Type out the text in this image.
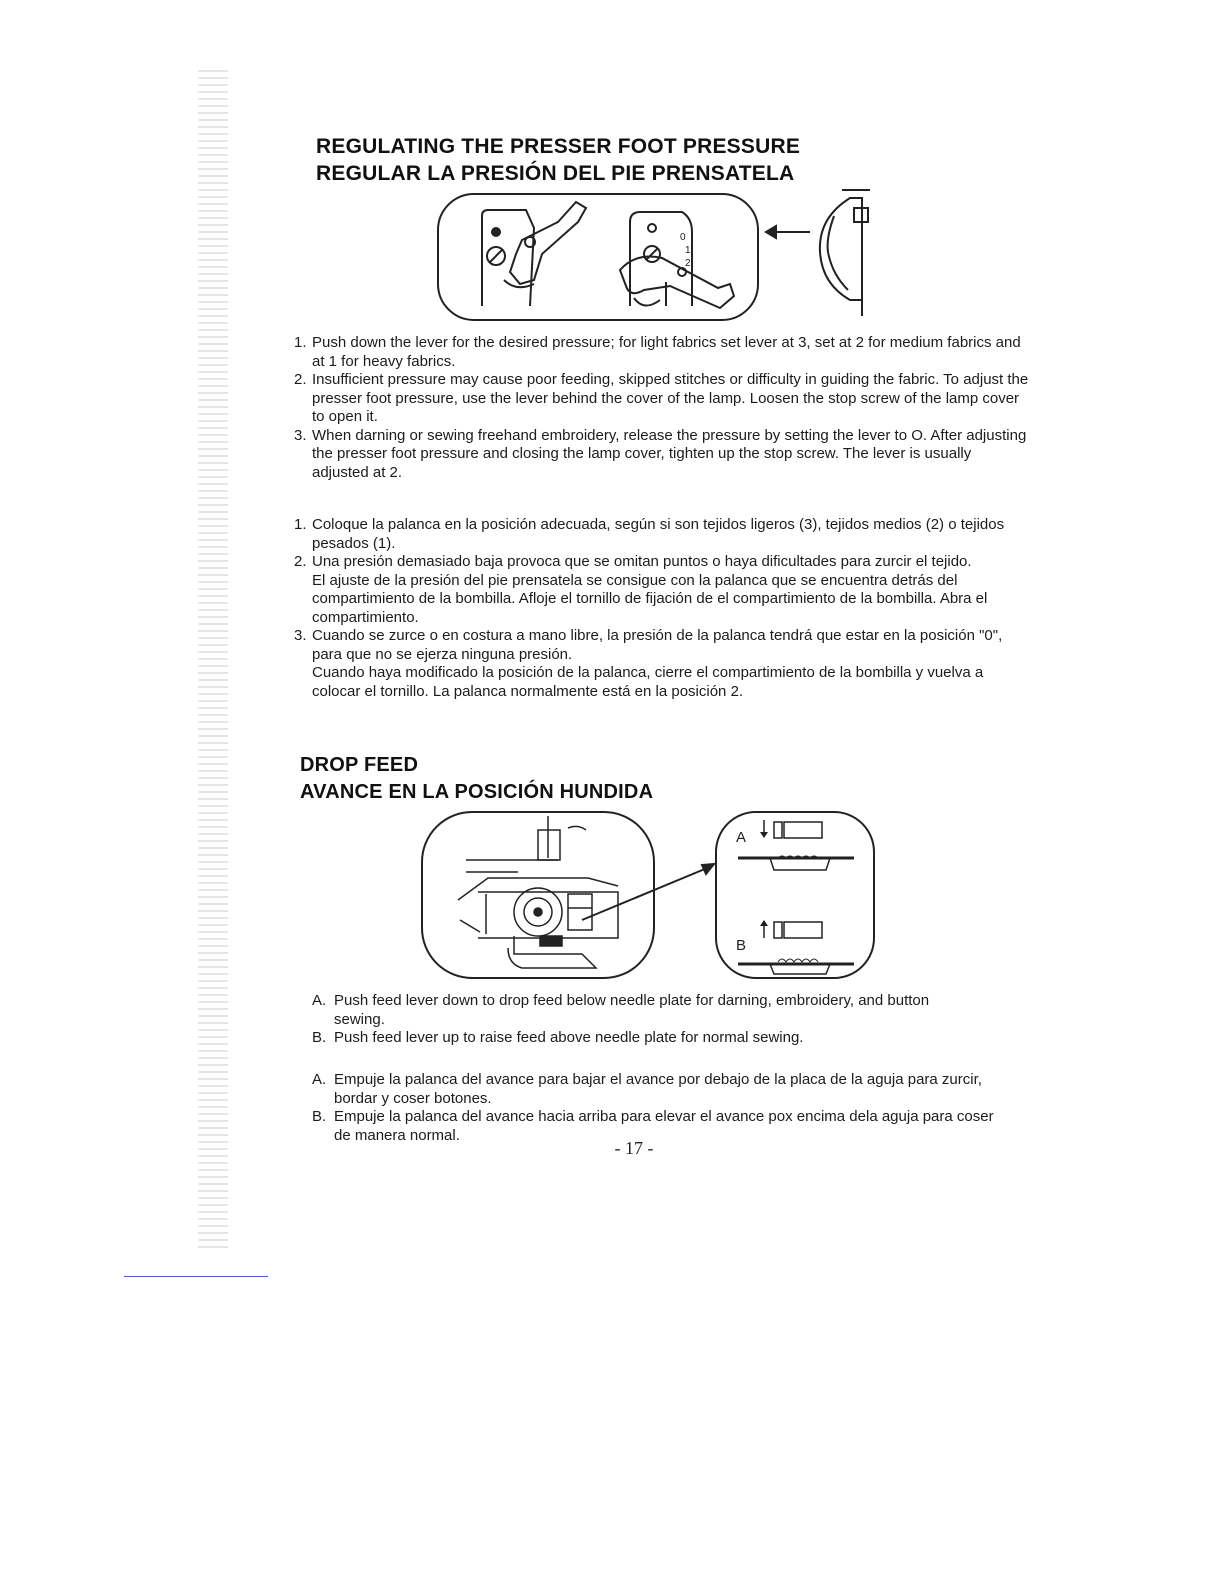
REGULATING THE PRESSER FOOT PRESSURE
REGULAR LA PRESIÓN DEL PIE PRENSATELA
0
1
2
1. Push down the lever for the desired pressure; for light fabrics set lever at 3, set at 2 for medium fabrics and at 1 for heavy fabrics.
2. Insufficient pressure may cause poor feeding, skipped stitches or difficulty in guiding the fabric. To adjust the presser foot pressure, use the lever behind the cover of the lamp. Loosen the stop screw of the lamp cover to open it.
3. When darning or sewing freehand embroidery, release the pressure by setting the lever to O. After adjusting the presser foot pressure and closing the lamp cover, tighten up the stop screw. The lever is usually adjusted at 2.
1. Coloque la palanca en la posición adecuada, según si son tejidos ligeros (3), tejidos medios (2) o tejidos pesados (1).
2. Una presión demasiado baja provoca que se omitan puntos o haya dificultades para zurcir el tejido.
El ajuste de la presión del pie prensatela se consigue con la palanca que se encuentra detrás del compartimiento de la bombilla. Afloje el tornillo de fijación de el compartimiento de la bombilla. Abra el compartimiento.
3. Cuando se zurce o en costura a mano libre, la presión de la palanca tendrá que estar en la posición "0", para que no se ejerza ninguna presión.
Cuando haya modificado la posición de la palanca, cierre el compartimiento de la bombilla y vuelva a colocar el tornillo. La palanca normalmente está en la posición 2.
DROP FEED
AVANCE EN LA POSICIÓN HUNDIDA
A
B
A. Push feed lever down to drop feed below needle plate for darning, embroidery, and button sewing.
B. Push feed lever up to raise feed above needle plate for normal sewing.
A. Empuje la palanca del avance para bajar el avance por debajo de la placa de la aguja para zurcir, bordar y coser botones.
B. Empuje la palanca del avance hacia arriba para elevar el avance pox encima dela aguja para coser de manera normal.
- 17 -
